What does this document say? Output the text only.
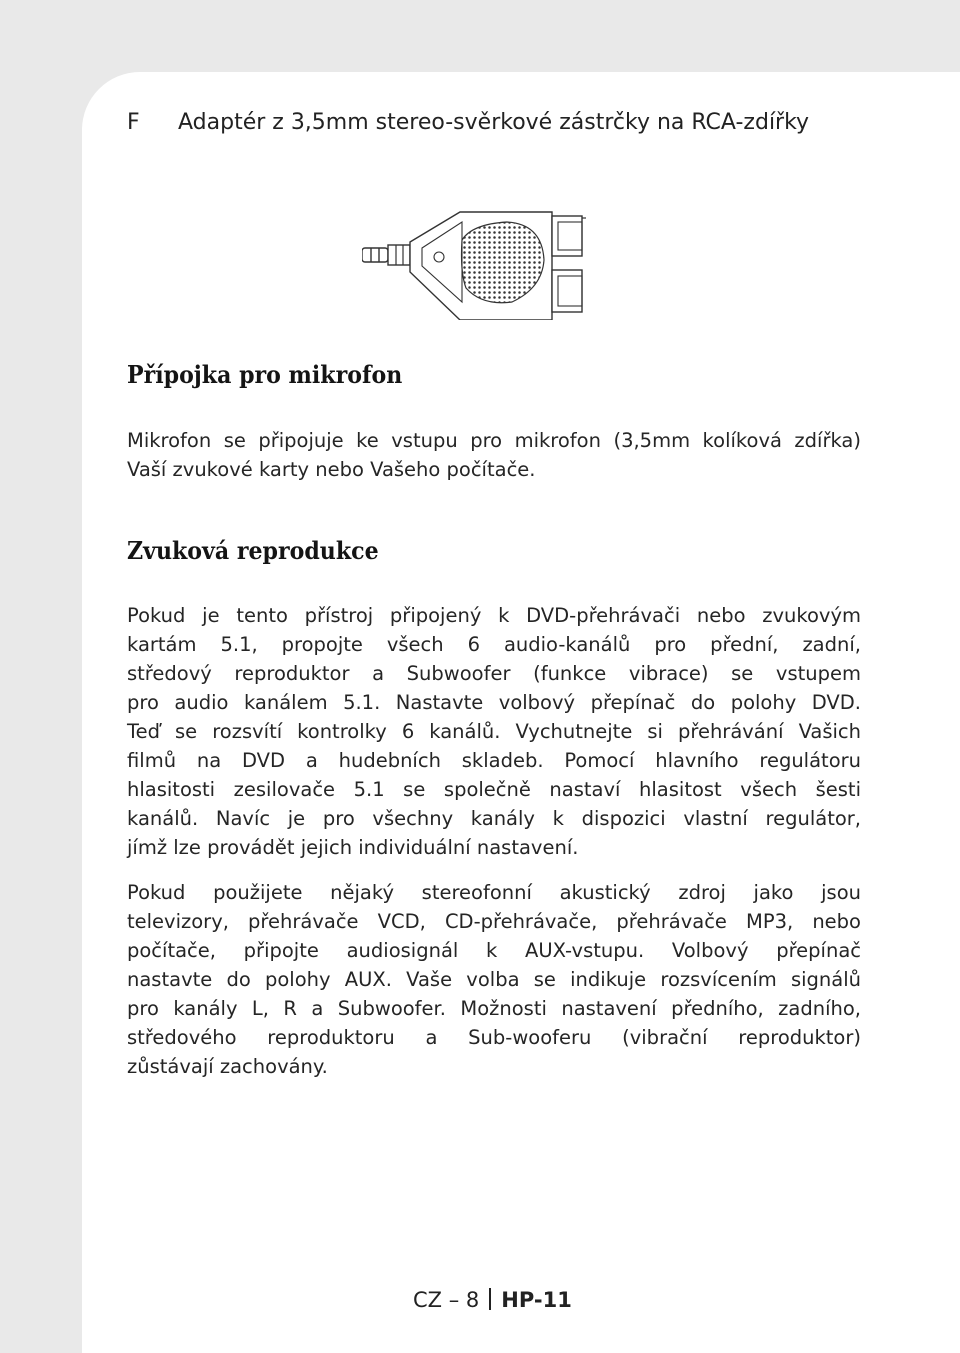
F	Adaptér z 3,5mm stereo-svěrkové zástrčky na RCA-zdířky
Přípojka pro mikrofon
Mikrofon se připojuje ke vstupu pro mikrofon (3,5mm kolíková zdířka)
Vaší zvukové karty nebo Vašeho počítače.
Zvuková reprodukce
Pokud je tento přístroj připojený k DVD-přehrávači nebo zvukovým
kartám 5.1, propojte všech 6 audio-kanálů pro přední, zadní,
středový reproduktor a Subwoofer (funkce vibrace) se vstupem
pro audio kanálem 5.1. Nastavte volbový přepínač do polohy DVD.
Teď se rozsvítí kontrolky 6 kanálů. Vychutnejte si přehrávání Vašich
filmů na DVD a hudebních skladeb. Pomocí hlavního regulátoru
hlasitosti zesilovače 5.1 se společně nastaví hlasitost všech šesti
kanálů. Navíc je pro všechny kanály k dispozici vlastní regulátor,
jímž lze provádět jejich individuální nastavení.
Pokud použijete nějaký stereofonní akustický zdroj jako jsou
televizory, přehrávače VCD, CD-přehrávače, přehrávače MP3, nebo
počítače, připojte audiosignál k AUX-vstupu. Volbový přepínač
nastavte do polohy AUX. Vaše volba se indikuje rozsvícením signálů
pro kanály L, R a Subwoofer. Možnosti nastavení předního, zadního,
středového reproduktoru a Sub-wooferu (vibrační reproduktor)
zůstávají zachovány.
CZ – 8 HP-11
